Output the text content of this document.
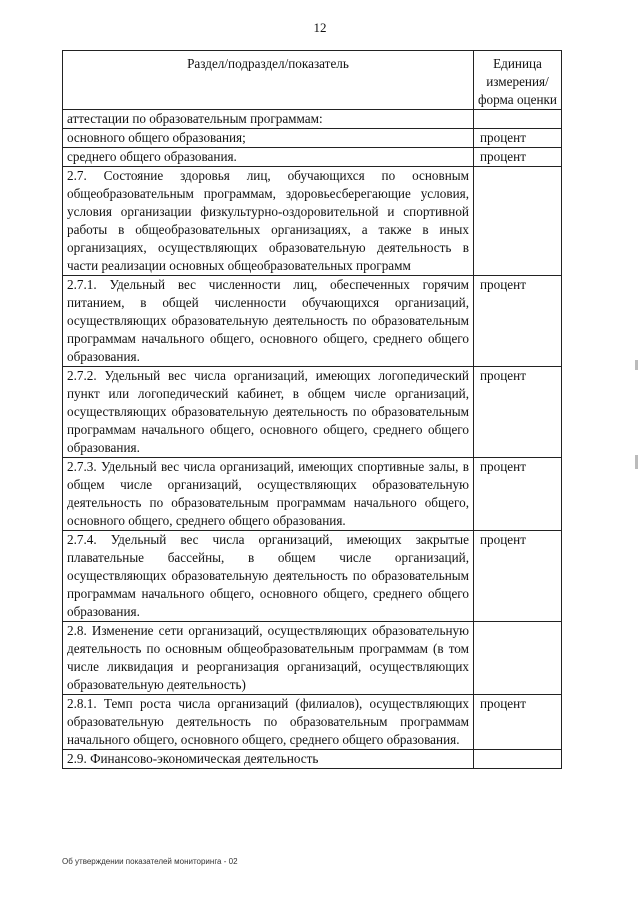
12
Раздел/подраздел/показатель	Единица измерения/ форма оценки
аттестации по образовательным программам:	
основного общего образования;	процент
среднего общего образования.	процент
2.7. Состояние здоровья лиц, обучающихся по основным общеобразовательным программам, здоровьесберегающие условия, условия организации физкультурно-оздоровительной и спортивной работы в общеобразовательных организациях, а также в иных организациях, осуществляющих образовательную деятельность в части реализации основных общеобразовательных программ	
2.7.1. Удельный вес численности лиц, обеспеченных горячим питанием, в общей численности обучающихся организаций, осуществляющих образовательную деятельность по образовательным программам начального общего, основного общего, среднего общего образования.	процент
2.7.2. Удельный вес числа организаций, имеющих логопедический пункт или логопедический кабинет, в общем числе организаций, осуществляющих образовательную деятельность по образовательным программам начального общего, основного общего, среднего общего образования.	процент
2.7.3. Удельный вес числа организаций, имеющих спортивные залы, в общем числе организаций, осуществляющих образовательную деятельность по образовательным программам начального общего, основного общего, среднего общего образования.	процент
2.7.4. Удельный вес числа организаций, имеющих закрытые плавательные бассейны, в общем числе организаций, осуществляющих образовательную деятельность по образовательным программам начального общего, основного общего, среднего общего образования.	процент
2.8. Изменение сети организаций, осуществляющих образовательную деятельность по основным общеобразовательным программам (в том числе ликвидация и реорганизация организаций, осуществляющих образовательную деятельность)	
2.8.1. Темп роста числа организаций (филиалов), осуществляющих образовательную деятельность по образовательным программам начального общего, основного общего, среднего общего образования.	процент
2.9. Финансово-экономическая деятельность	
Об утверждении показателей мониторинга - 02
